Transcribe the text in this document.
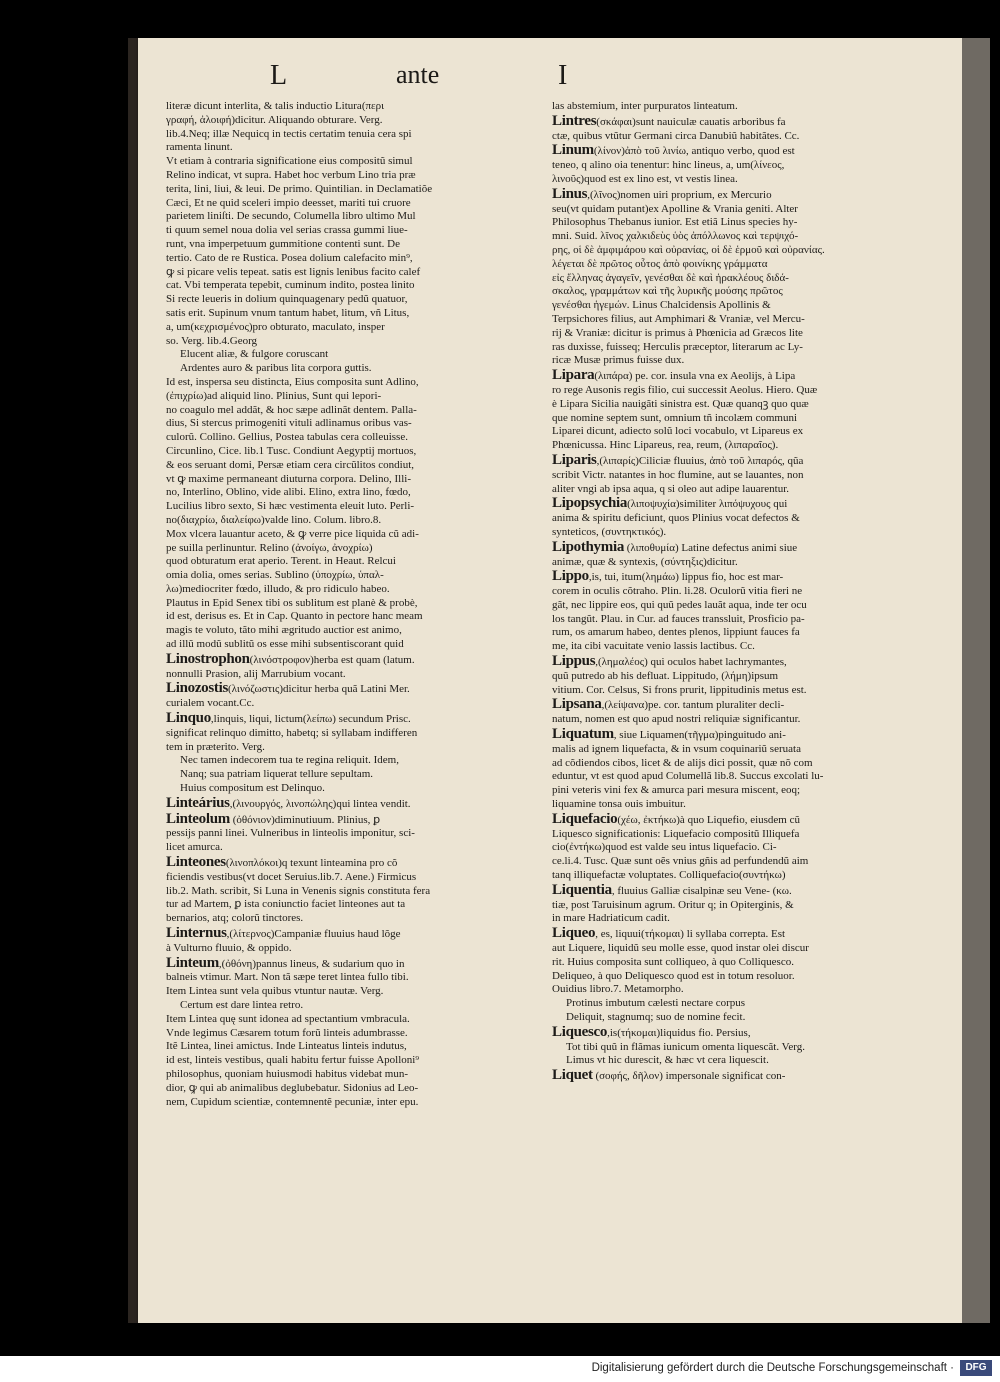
L	ante	I
literæ dicunt interlita, & talis inductio Litura(περι
γραφή, ἀλοιφή)dicitur. Aliquando obturare. Verg.
lib.4.Neq; illæ Nequicq in tectis certatim tenuia cera spi
ramenta linunt.
Vt etiam à contraria significatione eius compositũ simul
Relino indicat, vt supra. Habet hoc verbum Lino tria præ
terita, lini, liui, & leui. De primo. Quintilian. in Declamatiõe
Cæci, Et ne quid sceleri impio deesset, mariti tui cruore
parietem liniſti. De secundo, Columella libro ultimo Mul
ti quum semel noua dolia vel serias crassa gummi liue-
runt, vna imperpetuum gummitione contenti sunt. De
tertio. Cato de re Rustica. Posea dolium calefacito min⁹,
ꝙ si picare velis tepeat. satis est lignis lenibus facito calef
cat. Vbi temperata tepebit, cuminum indito, postea linito
Si recte leueris in dolium quinquagenary pedũ quatuor,
satis erit. Supinum vnum tantum habet, litum, vñ Litus,
a, um(κεχρισμένος)pro obturato, maculato, insper
so. Verg. lib.4.Georg
Elucent aliæ, & fulgore coruscant
Ardentes auro & paribus lita corpora guttis.
Id est, inspersa seu distincta, Eius composita sunt Adlino,
(ἐπιχρίω)ad aliquid lino. Plinius, Sunt qui lepori-
no coagulo mel addãt, & hoc sæpe adlinãt dentem. Palla-
dius, Si stercus primogeniti vituli adlinamus oribus vas-
culorũ. Collino. Gellius, Postea tabulas cera colleuisse.
Circunlino, Cice. lib.1 Tusc. Condiunt Aegyptij mortuos,
& eos seruant domi, Persæ etiam cera circũlitos condiut,
vt ꝙ maxime permaneant diuturna corpora. Delino, Illi-
no, Interlino, Oblino, vide alibi. Elino, extra lino, fœdo,
Lucilius libro sexto, Si hæc vestimenta eleuit luto. Perli-
no(διαχρίω, διαλείφω)valde lino. Colum. libro.8.
Mox vlcera lauantur aceto, & ꝙ verre pice liquida cũ adi-
pe suilla perlinuntur. Relino (ἀνοίγω, ἀνοχρίω)
quod obturatum erat aperio. Terent. in Heaut. Relcui
omia dolia, omes serias. Sublino (ὑποχρίω, ὑπαλ-
λω)mediocriter fœdo, illudo, & pro ridiculo habeo.
Plautus in Epid Senex tibi os sublitum est planè & probè,
id est, derisus es. Et in Cap. Quanto in pectore hanc meam
magis te voluto, tãto mihi ægritudo auctior est animo,
ad illũ modũ sublitũ os esse mihi subsentiscorant quid
Linostrophon(λινόστροφον)herba est quam (latum.
nonnulli Prasion, alij Marrubium vocant.
Linozostis(λινόζωστις)dicitur herba quã Latini Mer.
curialem vocant.Cc.
Linquo,linquis, liqui, lictum(λείπω) secundum Prisc.
significat relinquo dimitto, habetq; si syllabam indifferen
tem in præterito. Verg.
Nec tamen indecorem tua te regina reliquit. Idem,
Nanq; sua patriam liquerat tellure sepultam.
Huius compositum est Delinquo.
Linteárius,(λινουργός, λινοπώλης)qui lintea vendit.
Linteolum (ὀθόνιον)diminutiuum. Plinius, ꝑ
pessijs panni linei. Vulneribus in linteolis imponitur, sci-
licet amurca.
Linteones(λινοπλόκοι)q texunt linteamina pro cõ
ficiendis vestibus(vt docet Seruius.lib.7. Aene.) Firmicus
lib.2. Math. scribit, Si Luna in Venenis signis constituta fera
tur ad Martem, ꝑ ista coniunctio faciet linteones aut ta
bernarios, atq; colorũ tinctores.
Linternus,(λίτερνος)Campaniæ fluuius haud lõge
à Vulturno fluuio, & oppido.
Linteum,(ὀθόνη)pannus lineus, & sudarium quo in
balneis vtimur. Mart. Non tã sæpe teret lintea fullo tibi.
Item Lintea sunt vela quibus vtuntur nautæ. Verg.
Certum est dare lintea retro.
Item Lintea quę sunt idonea ad spectantium vmbracula.
Vnde legimus Cæsarem totum forũ linteis adumbrasse.
Itẽ Lintea, linei amictus. Inde Linteatus linteis indutus,
id est, linteis vestibus, quali habitu fertur fuisse Apolloni⁹
philosophus, quoniam huiusmodi habitus videbat mun-
dior, ꝙ qui ab animalibus deglubebatur. Sidonius ad Leo-
nem, Cupidum scientiæ, contemnentẽ pecuniæ, inter epu.
las abstemium, inter purpuratos linteatum.
Lintres(σκάφαι)sunt nauiculæ cauatis arboribus fa
ctæ, quibus vtũtur Germani circa Danubiũ habitãtes. Cc.
Linum(λίνον)ἀπὸ τοῦ λινίω, antiquo verbo, quod est
teneo, q alino oia tenentur: hinc lineus, a, um(λίνεος,
λινοῦς)quod est ex lino est, vt vestis linea.
Linus,(λῖνος)nomen uiri proprium, ex Mercurio
seu(vt quidam putant)ex Apolline & Vrania geniti. Alter
Philosophus Thebanus iunior. Est etiã Linus species hy-
mni. Suid. λῖνος χαλκιδεὺς ὑὸς ἀπόλλωνος καὶ τερψιχό-
ρης, οἱ δὲ ἀμφιμάρου καὶ οὐρανίας, οἱ δὲ ἑρμοῦ καὶ οὐρανίας.
λέγεται δὲ πρῶτος οὗτος ἀπὸ φοινίκης γράμματα
εἰς ἕλληνας ἀγαγεῖν, γενέσθαι δὲ καὶ ἡρακλέους διδά-
σκαλος, γραμμάτων καὶ τῆς λυρικῆς μούσης πρῶτος
γενέσθαι ἡγεμών. Linus Chalcidensis Apollinis &
Terpsichores filius, aut Amphimari & Vraniæ, vel Mercu-
rij & Vraniæ: dicitur is primus à Phœnicia ad Græcos lite
ras duxisse, fuisseq; Herculis præceptor, literarum ac Ly-
ricæ Musæ primus fuisse dux.
Lipara(λιπάρα) pe. cor. insula vna ex Aeolijs, à Lipa
ro rege Ausonis regis filio, cui successit Aeolus. Hiero. Quæ
è Lipara Sicilia nauigãti sinistra est. Quæ quanqꝫ quo quæ
que nomine septem sunt, omnium tñ incolæm communi
Liparei dicunt, adiecto solũ loci vocabulo, vt Lipareus ex
Phœnicussa. Hinc Lipareus, rea, reum, (λιπαραῖος).
Liparis,(λιπαρίς)Ciliciæ fluuius, ἀπὸ τοῦ λιπαρός, qũa
scribit Victr. natantes in hoc flumine, aut se lauantes, non
aliter vngi ab ipsa aqua, q si oleo aut adipe lauarentur.
Lipopsychia(λιποψυχία)similiter λιπόψυχους qui
anima & spiritu deficiunt, quos Plinius vocat defectos &
synteticos, (συντηκτικός).
Lipothymia (λιποθυμία) Latine defectus animi siue
animæ, quæ & syntexis, (σύντηξις)dicitur.
Lippo,is, tui, itum(λημάω) lippus fio, hoc est mar-
corem in oculis cõtraho. Plin. li.28. Oculorũ vitia fieri ne
gãt, nec lippire eos, qui quũ pedes lauãt aqua, inde ter ocu
los tangũt. Plau. in Cur. ad fauces transsluit, Prosficio pa-
rum, os amarum habeo, dentes plenos, lippiunt fauces fa
me, ita cibi vacuitate venio lassis lactibus. Cc.
Lippus,(λημαλέος) qui oculos habet lachrymantes,
quũ putredo ab his defluat. Lippitudo, (λήμη)ipsum
vitium. Cor. Celsus, Si frons prurit, lippitudinis metus est.
Lipsana,(λείψανα)pe. cor. tantum pluraliter decli-
natum, nomen est quo apud nostri reliquiæ significantur.
Liquatum, siue Liquamen(τῆγμα)pinguitudo ani-
malis ad ignem liquefacta, & in vsum coquinariũ seruata
ad cõdiendos cibos, licet & de alijs dici possit, quæ nõ com
eduntur, vt est quod apud Columellã lib.8. Succus excolati lu-
pini veteris vini fex & amurca pari mesura miscent, eoq;
liquamine tonsa ouis imbuitur.
Liquefacio(χέω, ἐκτήκω)à quo Liquefio, eiusdem cũ
Liquesco significationis: Liquefacio compositũ Illiquefa
cio(ἐντήκω)quod est valde seu intus liquefacio. Ci-
ce.li.4. Tusc. Quæ sunt oẽs vnius gñis ad perfundendũ aim
tanq illiquefactæ voluptates. Colliquefacio(συντήκω)
Liquentia, fluuius Galliæ cisalpinæ seu Vene- (κω.
tiæ, post Taruisinum agrum. Oritur q; in Opiterginis, &
in mare Hadriaticum cadit.
Liqueo, es, liquui(τήκομαι) li syllaba correpta. Est
aut Liquere, liquidũ seu molle esse, quod instar olei discur
rit. Huius composita sunt colliqueo, à quo Colliquesco.
Deliqueo, à quo Deliquesco quod est in totum resoluor.
Ouidius libro.7. Metamorpho.
Protinus imbutum cælesti nectare corpus
Deliquit, stagnumq; suo de nomine fecit.
Liquesco,is(τήκομαι)liquidus fio. Persius,
Tot tibi quũ in flãmas iunicum omenta liquescãt. Verg.
Limus vt hic durescit, & hæc vt cera liquescit.
Liquet (σοφής, δῆλον) impersonale significat con-
Digitalisierung gefördert durch die Deutsche Forschungsgemeinschaft ·	DFG
